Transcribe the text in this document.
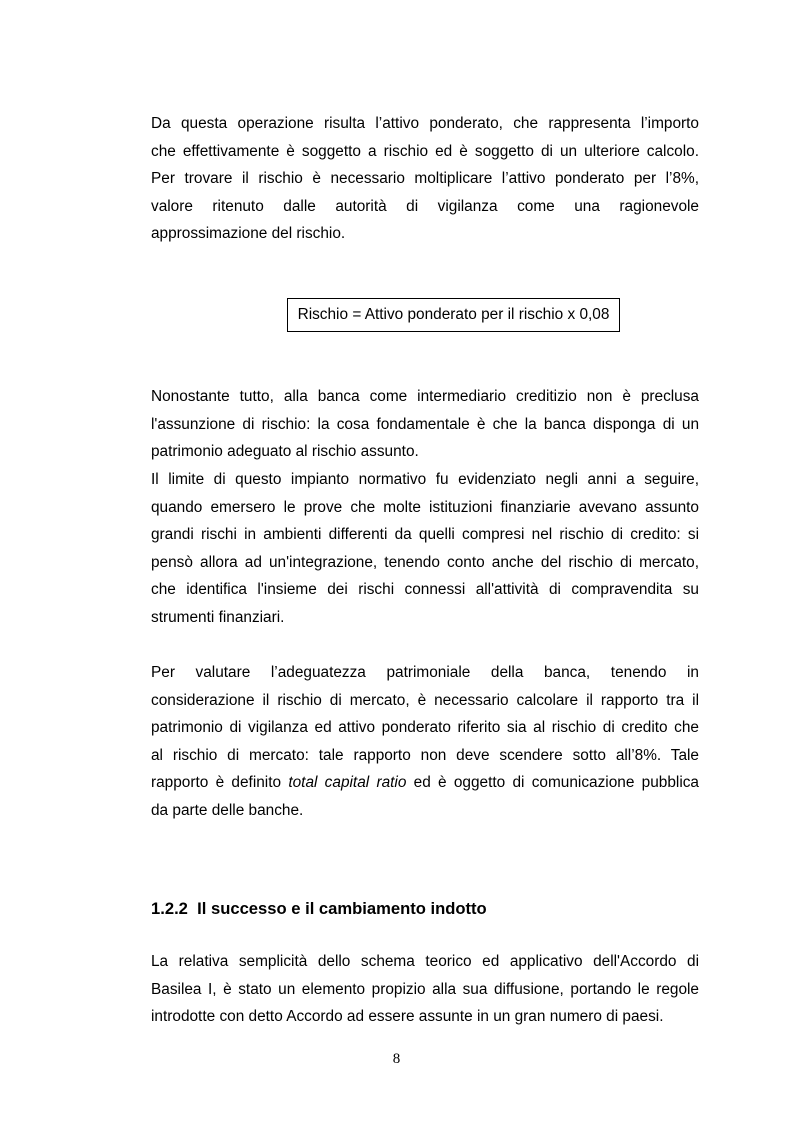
Da questa operazione risulta l’attivo ponderato, che rappresenta l’importo
che effettivamente è soggetto a rischio ed è soggetto di un ulteriore calcolo.
Per trovare il rischio è necessario moltiplicare l’attivo ponderato per l’8%,
valore ritenuto dalle autorità di vigilanza come una ragionevole
approssimazione del rischio.

Rischio = Attivo ponderato per il rischio x 0,08

Nonostante tutto, alla banca come intermediario creditizio non è preclusa
l'assunzione di rischio: la cosa fondamentale è che la banca disponga di un
patrimonio adeguato al rischio assunto.

Il limite di questo impianto normativo fu evidenziato negli anni a seguire,
quando emersero le prove che molte istituzioni finanziarie avevano assunto
grandi rischi in ambienti differenti da quelli compresi nel rischio di credito: si
pensò allora ad un'integrazione, tenendo conto anche del rischio di mercato,
che identifica l'insieme dei rischi connessi all'attività di compravendita su
strumenti finanziari.

Per valutare l’adeguatezza patrimoniale della banca, tenendo in
considerazione il rischio di mercato, è necessario calcolare il rapporto tra il
patrimonio di vigilanza ed attivo ponderato riferito sia al rischio di credito che
al rischio di mercato: tale rapporto non deve scendere sotto all’8%. Tale
rapporto è definito total capital ratio ed è oggetto di comunicazione pubblica
da parte delle banche.

1.2.2 Il successo e il cambiamento indotto

La relativa semplicità dello schema teorico ed applicativo dell'Accordo di
Basilea I, è stato un elemento propizio alla sua diffusione, portando le regole
introdotte con detto Accordo ad essere assunte in un gran numero di paesi.

8
